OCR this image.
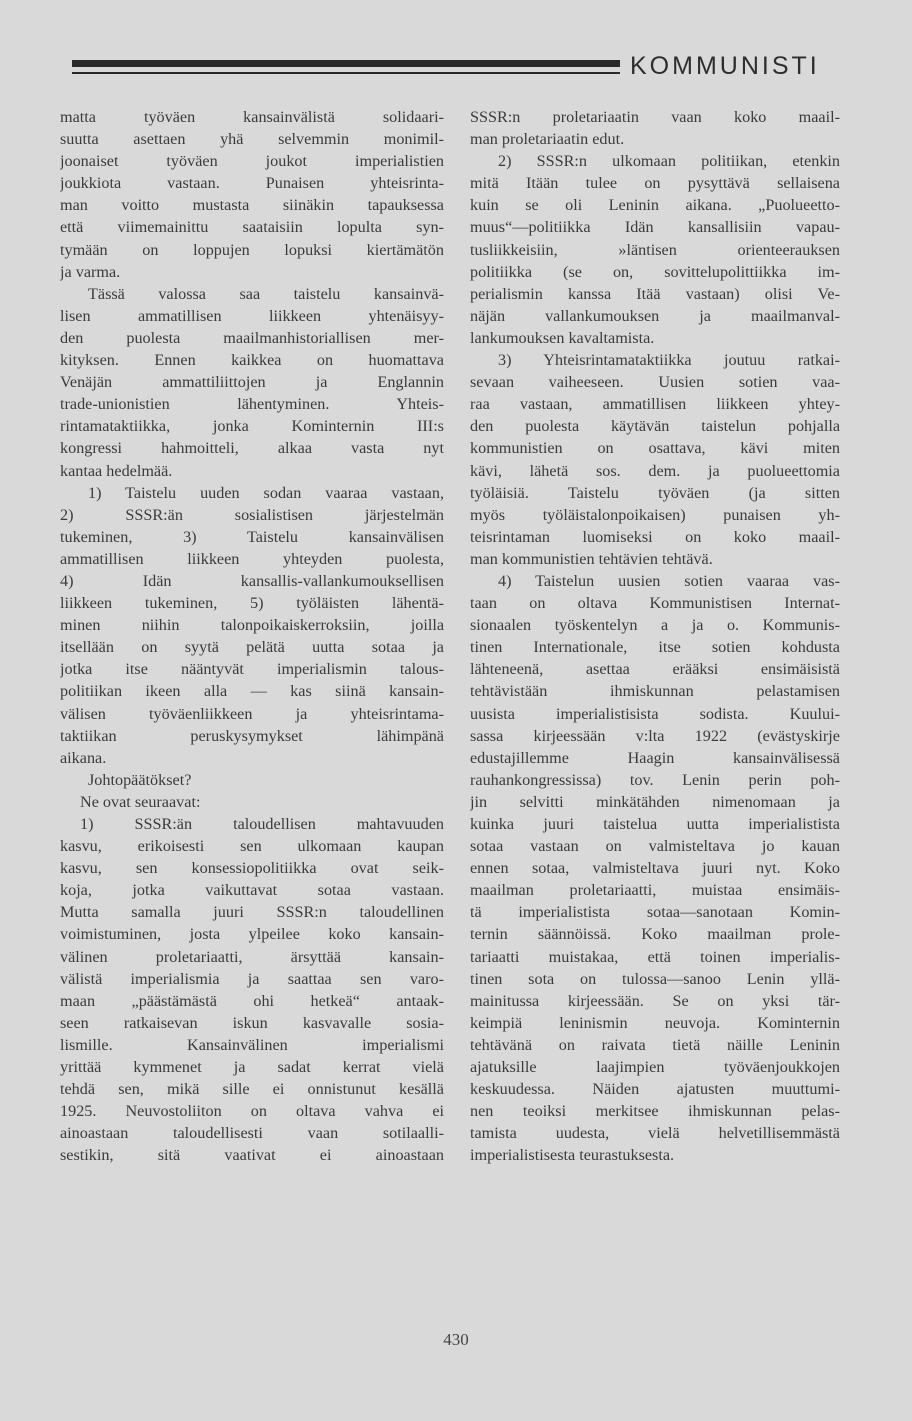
KOMMUNISTI
matta työväen kansainvälistä solidaari-
suutta asettaen yhä selvemmin monimil-
joonaiset työväen joukot imperialistien
joukkiota vastaan. Punaisen yhteisrinta-
man voitto mustasta siinäkin tapauksessa
että viimemainittu saataisiin lopulta syn-
tymään on loppujen lopuksi kiertämätön
ja varma.
Tässä valossa saa taistelu kansainvä-
lisen ammatillisen liikkeen yhtenäisyy-
den puolesta maailmanhistoriallisen mer-
kityksen. Ennen kaikkea on huomattava
Venäjän ammattiliittojen ja Englannin
trade-unionistien lähentyminen. Yhteis-
rintamataktiikka, jonka Kominternin III:s
kongressi hahmoitteli, alkaa vasta nyt
kantaa hedelmää.
1) Taistelu uuden sodan vaaraa vastaan,
2) SSSR:än sosialistisen järjestelmän
tukeminen, 3) Taistelu kansainvälisen
ammatillisen liikkeen yhteyden puolesta,
4) Idän kansallis-vallankumouksellisen
liikkeen tukeminen, 5) työläisten lähentä-
minen niihin talonpoikaiskerroksiin, joilla
itsellään on syytä pelätä uutta sotaa ja
jotka itse nääntyvät imperialismin talous-
politiikan ikeen alla — kas siinä kansain-
välisen työväenliikkeen ja yhteisrintama-
taktiikan peruskysymykset lähimpänä
aikana.
Johtopäätökset?
Ne ovat seuraavat:
1) SSSR:än taloudellisen mahtavuuden
kasvu, erikoisesti sen ulkomaan kaupan
kasvu, sen konsessiopolitiikka ovat seik-
koja, jotka vaikuttavat sotaa vastaan.
Mutta samalla juuri SSSR:n taloudellinen
voimistuminen, josta ylpeilee koko kansain-
välinen proletariaatti, ärsyttää kansain-
välistä imperialismia ja saattaa sen varo-
maan „päästämästä ohi hetkeä“ antaak-
seen ratkaisevan iskun kasvavalle sosia-
lismille. Kansainvälinen imperialismi
yrittää kymmenet ja sadat kerrat vielä
tehdä sen, mikä sille ei onnistunut kesällä
1925. Neuvostoliiton on oltava vahva ei
ainoastaan taloudellisesti vaan sotilaalli-
sestikin, sitä vaativat ei ainoastaan
SSSR:n proletariaatin vaan koko maail-
man proletariaatin edut.
2) SSSR:n ulkomaan politiikan, etenkin
mitä Itään tulee on pysyttävä sellaisena
kuin se oli Leninin aikana. „Puolueetto-
muus“—politiikka Idän kansallisiin vapau-
tusliikkeisiin, »läntisen orienteerauksen
politiikka (se on, sovittelupolittiikka im-
perialismin kanssa Itää vastaan) olisi Ve-
näjän vallankumouksen ja maailmanval-
lankumouksen kavaltamista.
3) Yhteisrintamataktiikka joutuu ratkai-
sevaan vaiheeseen. Uusien sotien vaa-
raa vastaan, ammatillisen liikkeen yhtey-
den puolesta käytävän taistelun pohjalla
kommunistien on osattava, kävi miten
kävi, lähetä sos. dem. ja puolueettomia
työläisiä. Taistelu työväen (ja sitten
myös työläistalonpoikaisen) punaisen yh-
teisrintaman luomiseksi on koko maail-
man kommunistien tehtävien tehtävä.
4) Taistelun uusien sotien vaaraa vas-
taan on oltava Kommunistisen Internat-
sionaalen työskentelyn a ja o. Kommunis-
tinen Internationale, itse sotien kohdusta
lähteneenä, asettaa erääksi ensimäisistä
tehtävistään ihmiskunnan pelastamisen
uusista imperialistisista sodista. Kuului-
sassa kirjeessään v:lta 1922 (evästyskirje
edustajillemme Haagin kansainvälisessä
rauhankongressissa) tov. Lenin perin poh-
jin selvitti minkätähden nimenomaan ja
kuinka juuri taistelua uutta imperialistista
sotaa vastaan on valmisteltava jo kauan
ennen sotaa, valmisteltava juuri nyt. Koko
maailman proletariaatti, muistaa ensimäis-
tä imperialistista sotaa—sanotaan Komin-
ternin säännöissä. Koko maailman prole-
tariaatti muistakaa, että toinen imperialis-
tinen sota on tulossa—sanoo Lenin yllä-
mainitussa kirjeessään. Se on yksi tär-
keimpiä leninismin neuvoja. Kominternin
tehtävänä on raivata tietä näille Leninin
ajatuksille laajimpien työväenjoukkojen
keskuudessa. Näiden ajatusten muuttumi-
nen teoiksi merkitsee ihmiskunnan pelas-
tamista uudesta, vielä helvetillisemmästä
imperialistisesta teurastuksesta.
430
